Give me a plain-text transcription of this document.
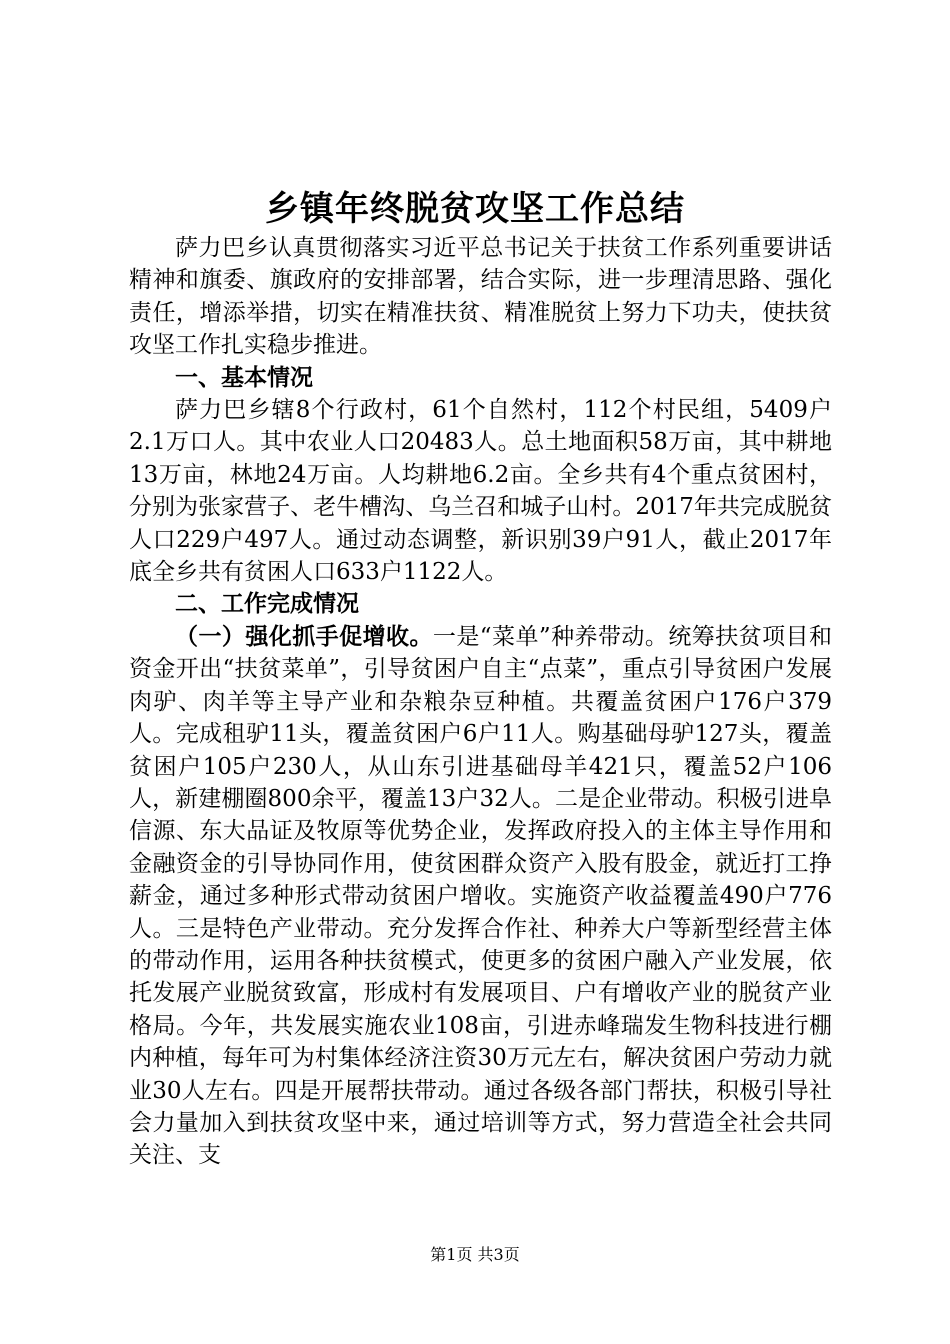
乡镇年终脱贫攻坚工作总结

萨力巴乡认真贯彻落实习近平总书记关于扶贫工作系列重要讲话精神和旗委、旗政府的安排部署，结合实际，进一步理清思路、强化责任，增添举措，切实在精准扶贫、精准脱贫上努力下功夫，使扶贫攻坚工作扎实稳步推进。

一、基本情况

萨力巴乡辖8个行政村，61个自然村，112个村民组，5409户2.1万口人。其中农业人口20483人。总土地面积58万亩，其中耕地13万亩，林地24万亩。人均耕地6.2亩。全乡共有4个重点贫困村，分别为张家营子、老牛槽沟、乌兰召和城子山村。2017年共完成脱贫人口229户497人。通过动态调整，新识别39户91人，截止2017年底全乡共有贫困人口633户1122人。

二、工作完成情况

（一）强化抓手促增收。一是“菜单”种养带动。统筹扶贫项目和资金开出“扶贫菜单”，引导贫困户自主“点菜”，重点引导贫困户发展肉驴、肉羊等主导产业和杂粮杂豆种植。共覆盖贫困户176户379人。完成租驴11头，覆盖贫困户6户11人。购基础母驴127头，覆盖贫困户105户230人，从山东引进基础母羊421只，覆盖52户106人，新建棚圈800余平，覆盖13户32人。二是企业带动。积极引进阜信源、东大品证及牧原等优势企业，发挥政府投入的主体主导作用和金融资金的引导协同作用，使贫困群众资产入股有股金，就近打工挣薪金，通过多种形式带动贫困户增收。实施资产收益覆盖490户776人。三是特色产业带动。充分发挥合作社、种养大户等新型经营主体的带动作用，运用各种扶贫模式，使更多的贫困户融入产业发展，依托发展产业脱贫致富，形成村有发展项目、户有增收产业的脱贫产业格局。今年，共发展实施农业108亩，引进赤峰瑞发生物科技进行棚内种植，每年可为村集体经济注资30万元左右，解决贫困户劳动力就业30人左右。四是开展帮扶带动。通过各级各部门帮扶，积极引导社会力量加入到扶贫攻坚中来，通过培训等方式，努力营造全社会共同关注、支

第1页 共3页
